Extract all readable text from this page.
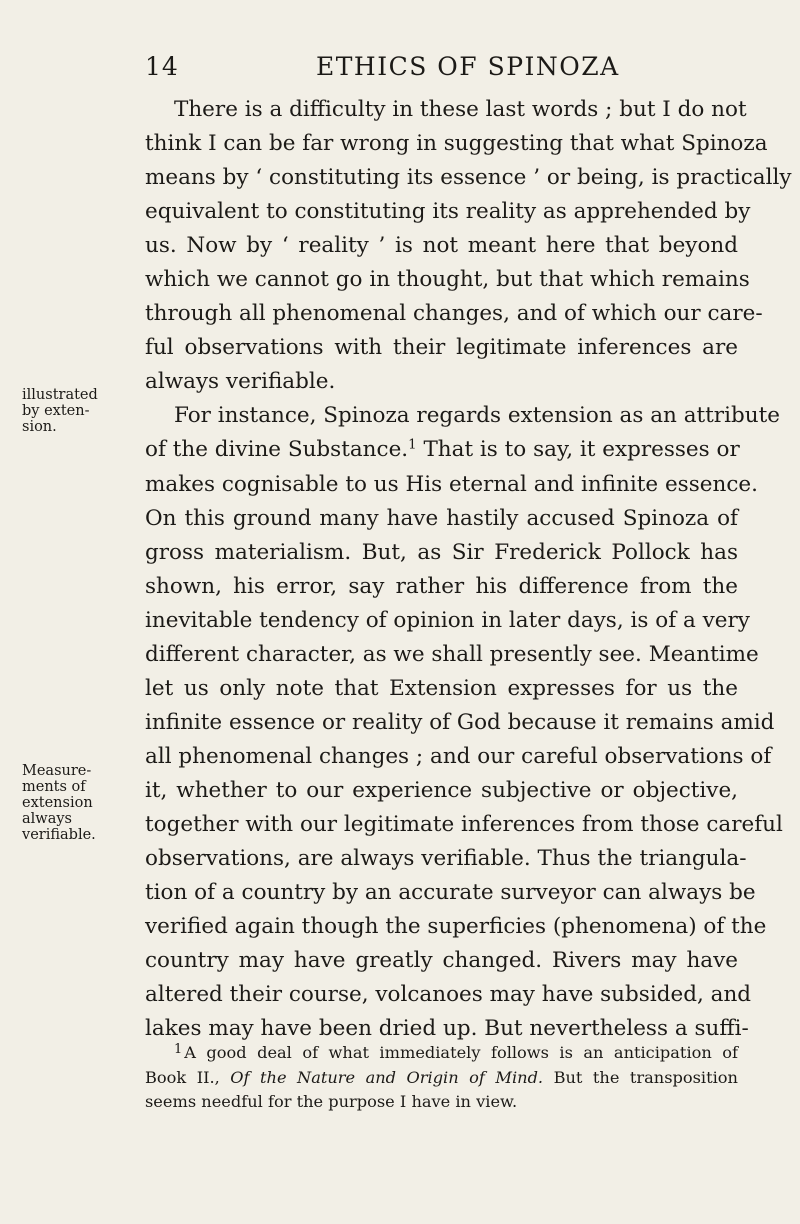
14	ETHICS OF SPINOZA
illustrated
by exten-
sion.
Measure-
ments of
extension
always
verifiable.
There is a difficulty in these last words ; but I do not
think I can be far wrong in suggesting that what Spinoza
means by ‘ constituting its essence ’ or being, is practically
equivalent to constituting its reality as apprehended by
us. Now by ‘ reality ’ is not meant here that beyond
which we cannot go in thought, but that which remains
through all phenomenal changes, and of which our care-
ful observations with their legitimate inferences are
always verifiable.
For instance, Spinoza regards extension as an attribute
of the divine Substance.$^1$ That is to say, it expresses or
makes cognisable to us His eternal and infinite essence.
On this ground many have hastily accused Spinoza of
gross materialism. But, as Sir Frederick Pollock has
shown, his error, say rather his difference from the
inevitable tendency of opinion in later days, is of a very
different character, as we shall presently see. Meantime
let us only note that Extension expresses for us the
infinite essence or reality of God because it remains amid
all phenomenal changes ; and our careful observations of
it, whether to our experience subjective or objective,
together with our legitimate inferences from those careful
observations, are always verifiable. Thus the triangula-
tion of a country by an accurate surveyor can always be
verified again though the superficies (phenomena) of the
country may have greatly changed. Rivers may have
altered their course, volcanoes may have subsided, and
lakes may have been dried up. But nevertheless a suffi-
$^1$ A good deal of what immediately follows is an anticipation of
Book II., Of the Nature and Origin of Mind. But the transposition
seems needful for the purpose I have in view.
